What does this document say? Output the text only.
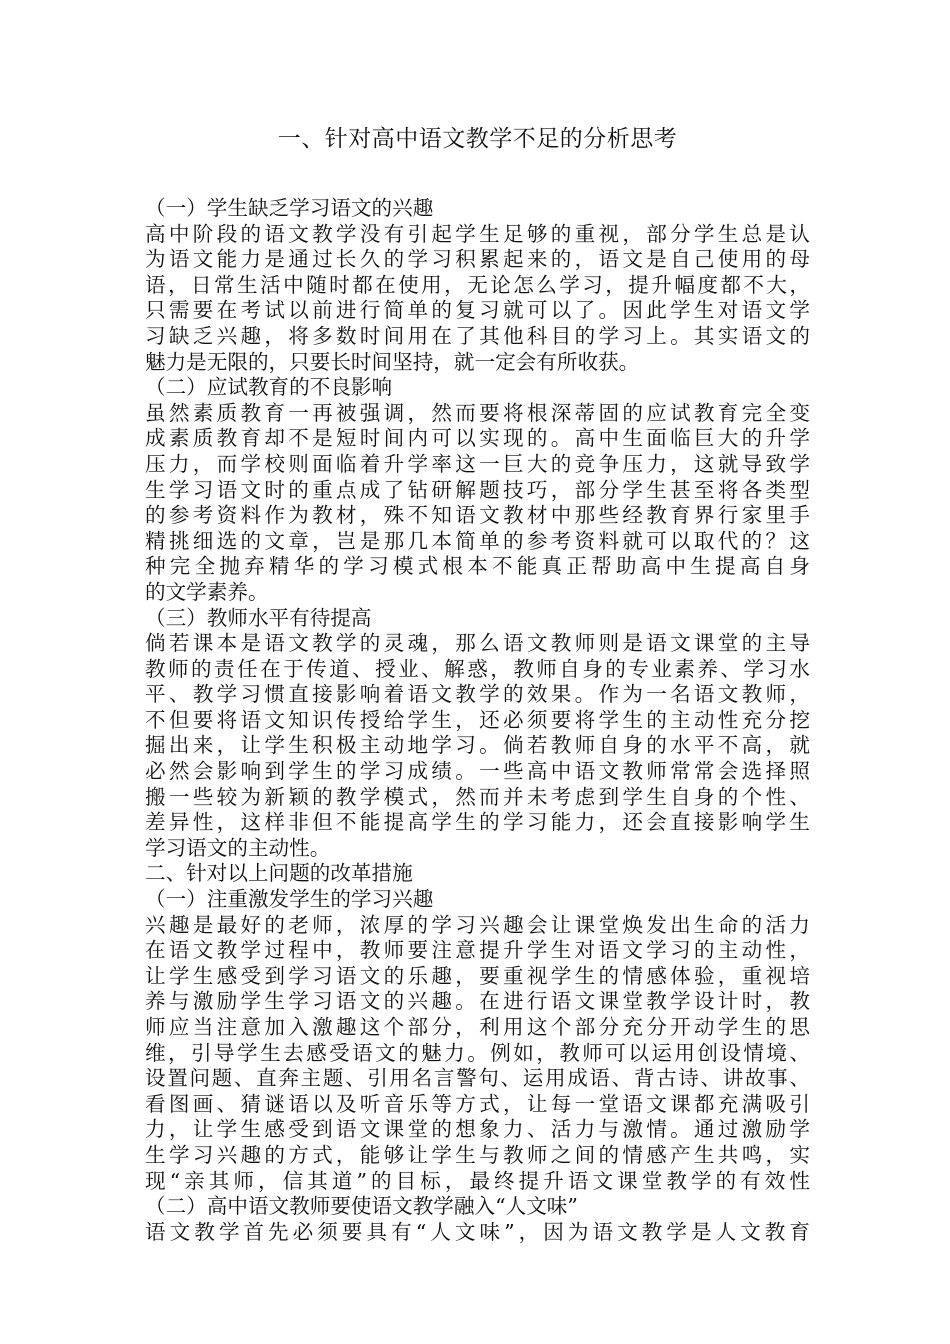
一、针对高中语文教学不足的分析思考
（一）学生缺乏学习语文的兴趣
高中阶段的语文教学没有引起学生足够的重视，部分学生总是认
为语文能力是通过长久的学习积累起来的，语文是自己使用的母
语，日常生活中随时都在使用，无论怎么学习，提升幅度都不大，
只需要在考试以前进行简单的复习就可以了。因此学生对语文学
习缺乏兴趣，将多数时间用在了其他科目的学习上。其实语文的
魅力是无限的，只要长时间坚持，就一定会有所收获。
（二）应试教育的不良影响
虽然素质教育一再被强调，然而要将根深蒂固的应试教育完全变
成素质教育却不是短时间内可以实现的。高中生面临巨大的升学
压力，而学校则面临着升学率这一巨大的竞争压力，这就导致学
生学习语文时的重点成了钻研解题技巧，部分学生甚至将各类型
的参考资料作为教材，殊不知语文教材中那些经教育界行家里手
精挑细选的文章，岂是那几本简单的参考资料就可以取代的？这
种完全抛弃精华的学习模式根本不能真正帮助高中生提高自身
的文学素养。
（三）教师水平有待提高
倘若课本是语文教学的灵魂，那么语文教师则是语文课堂的主导
教师的责任在于传道、授业、解惑，教师自身的专业素养、学习水
平、教学习惯直接影响着语文教学的效果。作为一名语文教师，
不但要将语文知识传授给学生，还必须要将学生的主动性充分挖
掘出来，让学生积极主动地学习。倘若教师自身的水平不高，就
必然会影响到学生的学习成绩。一些高中语文教师常常会选择照
搬一些较为新颖的教学模式，然而并未考虑到学生自身的个性、
差异性，这样非但不能提高学生的学习能力，还会直接影响学生
学习语文的主动性。
二、针对以上问题的改革措施
（一）注重激发学生的学习兴趣
兴趣是最好的老师，浓厚的学习兴趣会让课堂焕发出生命的活力
在语文教学过程中，教师要注意提升学生对语文学习的主动性，
让学生感受到学习语文的乐趣，要重视学生的情感体验，重视培
养与激励学生学习语文的兴趣。在进行语文课堂教学设计时，教
师应当注意加入激趣这个部分，利用这个部分充分开动学生的思
维，引导学生去感受语文的魅力。例如，教师可以运用创设情境、
设置问题、直奔主题、引用名言警句、运用成语、背古诗、讲故事、
看图画、猜谜语以及听音乐等方式，让每一堂语文课都充满吸引
力，让学生感受到语文课堂的想象力、活力与激情。通过激励学
生学习兴趣的方式，能够让学生与教师之间的情感产生共鸣，实
现“亲其师，信其道”的目标，最终提升语文课堂教学的有效性
（二）高中语文教师要使语文教学融入“人文味”
语文教学首先必须要具有“人文味”，因为语文教学是人文教育
